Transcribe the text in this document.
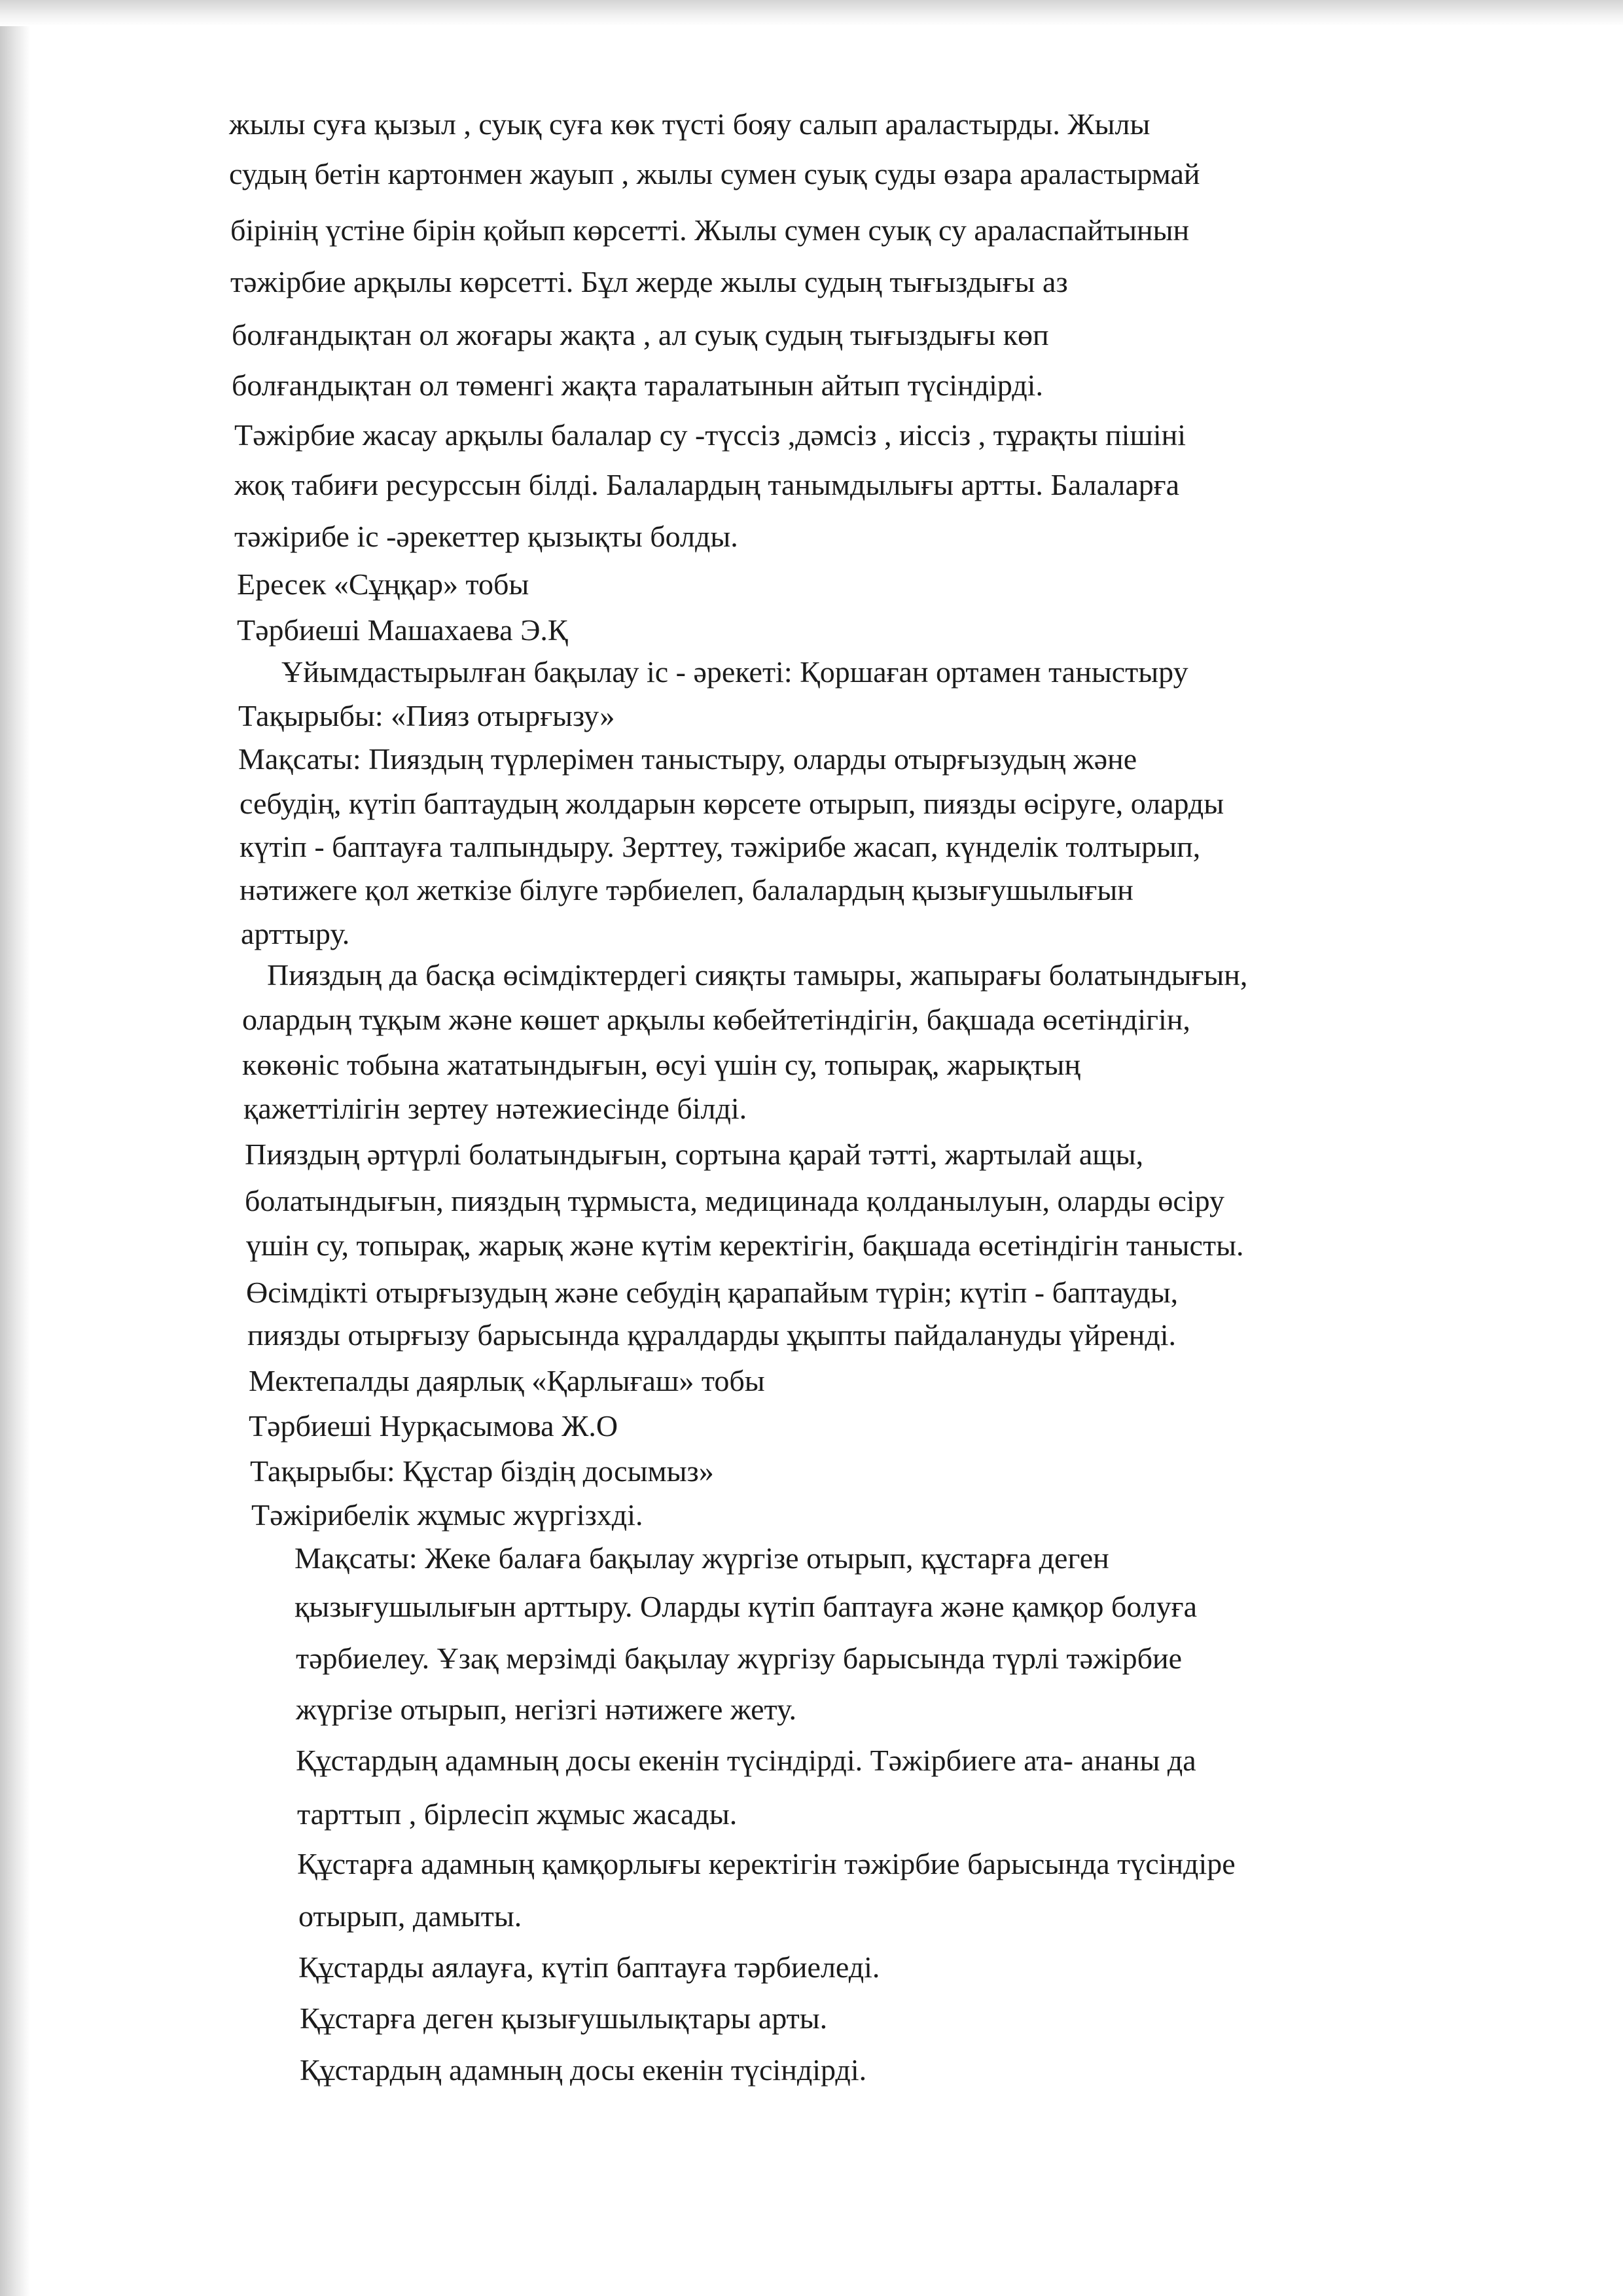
жылы суға қызыл , суық суға көк түсті бояу салып араластырды. Жылы

судың бетін картонмен жауып , жылы сумен суық суды өзара араластырмай

бірінің үстіне бірін қойып көрсетті. Жылы сумен суық су араласпайтынын

тәжірбие арқылы көрсетті. Бұл жерде жылы судың тығыздығы аз

болғандықтан ол жоғары жақта , ал суық судың тығыздығы көп

болғандықтан ол төменгі жақта таралатынын айтып түсіндірді.

Тәжірбие жасау арқылы балалар су -түссіз ,дәмсіз , иіссіз , тұрақты пішіні

жоқ табиғи ресурссын білді. Балалардың танымдылығы артты. Балаларға

тәжірибе іс -әрекеттер қызықты болды.

Ересек «Сұңқар» тобы

Тәрбиеші Машахаева Э.Қ

Ұйымдастырылған бақылау іс - әрекеті: Қоршаған ортамен таныстыру

Тақырыбы: «Пияз отырғызу»

Мақсаты: Пияздың түрлерімен таныстыру, оларды отырғызудың және

себудің, күтіп баптаудың жолдарын көрсете отырып, пиязды өсіруге, оларды

күтіп - баптауға талпындыру. Зерттеу, тәжірибе жасап, күнделік толтырып,

нәтижеге қол жеткізе білуге тәрбиелеп, балалардың қызығушылығын

арттыру.

Пияздың да басқа өсімдіктердегі сияқты тамыры, жапырағы болатындығын,

олардың тұқым және көшет арқылы көбейтетіндігін, бақшада өсетіндігін,

көкөніс тобына жататындығын, өсуі үшін су, топырақ, жарықтың

қажеттілігін зертеу нәтежиесінде білді.

Пияздың әртүрлі болатындығын, сортына қарай тәтті, жартылай ащы,

болатындығын, пияздың тұрмыста, медицинада қолданылуын, оларды өсіру

үшін су, топырақ, жарық және күтім керектігін, бақшада өсетіндігін танысты.

Өсімдікті отырғызудың және себудің қарапайым түрін; күтіп - баптауды,

пиязды отырғызу барысында құралдарды ұқыпты пайдалануды үйренді.

Мектепалды даярлық «Қарлығаш» тобы

Тәрбиеші Нурқасымова Ж.О

Тақырыбы: Құстар біздің досымыз»

Тәжірибелік жұмыс жүргізхді.

Мақсаты: Жеке балаға бақылау жүргізе отырып, құстарға деген

қызығушылығын арттыру. Оларды күтіп баптауға және қамқор болуға

тәрбиелеу. Ұзақ мерзімді бақылау жүргізу барысында түрлі тәжірбие

жүргізе отырып, негізгі нәтижеге жету.

Құстардың адамның досы екенін түсіндірді. Тәжірбиеге ата- ананы да

тарттып , бірлесіп жұмыс жасады.

Құстарға адамның қамқорлығы керектігін тәжірбие барысында түсіндіре

отырып, дамыты.

Құстарды аялауға, күтіп баптауға тәрбиеледі.

Құстарға деген қызығушылықтары арты.

Құстардың адамның досы екенін түсіндірді.
